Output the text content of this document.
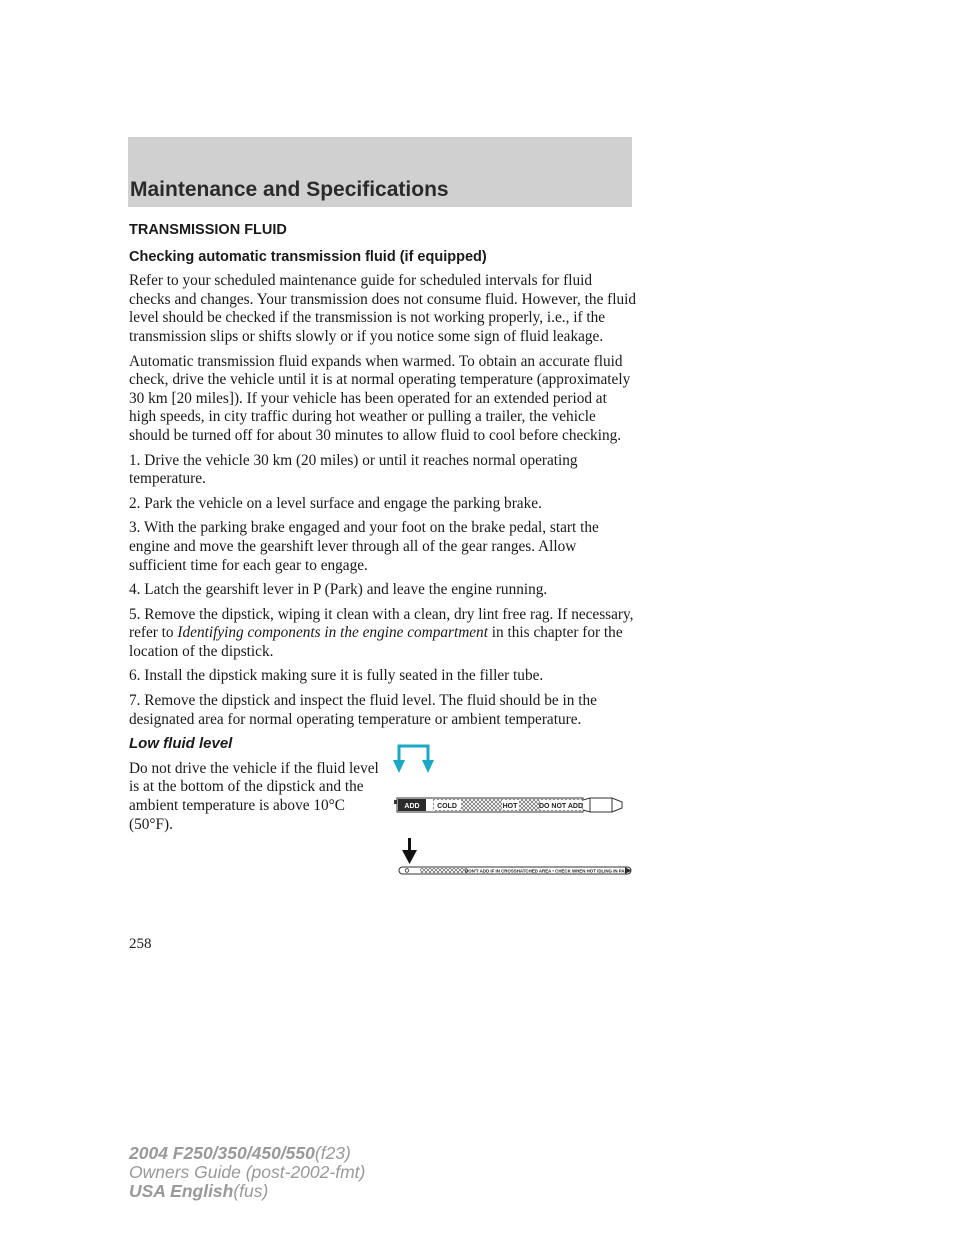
Maintenance and Specifications

TRANSMISSION FLUID

Checking automatic transmission fluid (if equipped)

Refer to your scheduled maintenance guide for scheduled intervals for fluid checks and changes. Your transmission does not consume fluid. However, the fluid level should be checked if the transmission is not working properly, i.e., if the transmission slips or shifts slowly or if you notice some sign of fluid leakage.

Automatic transmission fluid expands when warmed. To obtain an accurate fluid check, drive the vehicle until it is at normal operating temperature (approximately 30 km [20 miles]). If your vehicle has been operated for an extended period at high speeds, in city traffic during hot weather or pulling a trailer, the vehicle should be turned off for about 30 minutes to allow fluid to cool before checking.

1. Drive the vehicle 30 km (20 miles) or until it reaches normal operating temperature.

2. Park the vehicle on a level surface and engage the parking brake.

3. With the parking brake engaged and your foot on the brake pedal, start the engine and move the gearshift lever through all of the gear ranges. Allow sufficient time for each gear to engage.

4. Latch the gearshift lever in P (Park) and leave the engine running.

5. Remove the dipstick, wiping it clean with a clean, dry lint free rag. If necessary, refer to Identifying components in the engine compartment in this chapter for the location of the dipstick.

6. Install the dipstick making sure it is fully seated in the filler tube.

7. Remove the dipstick and inspect the fluid level. The fluid should be in the designated area for normal operating temperature or ambient temperature.

Low fluid level

Do not drive the vehicle if the fluid level is at the bottom of the dipstick and the ambient temperature is above 10°C (50°F).

ADD COLD	HOT	DO NOT ADD
DON'T ADD IF IN CROSSHATCHED AREA • CHECK WHEN HOT IDLING IN PARK
258
2004 F250/350/450/550(f23)
Owners Guide (post-2002-fmt)
USA English(fus)
